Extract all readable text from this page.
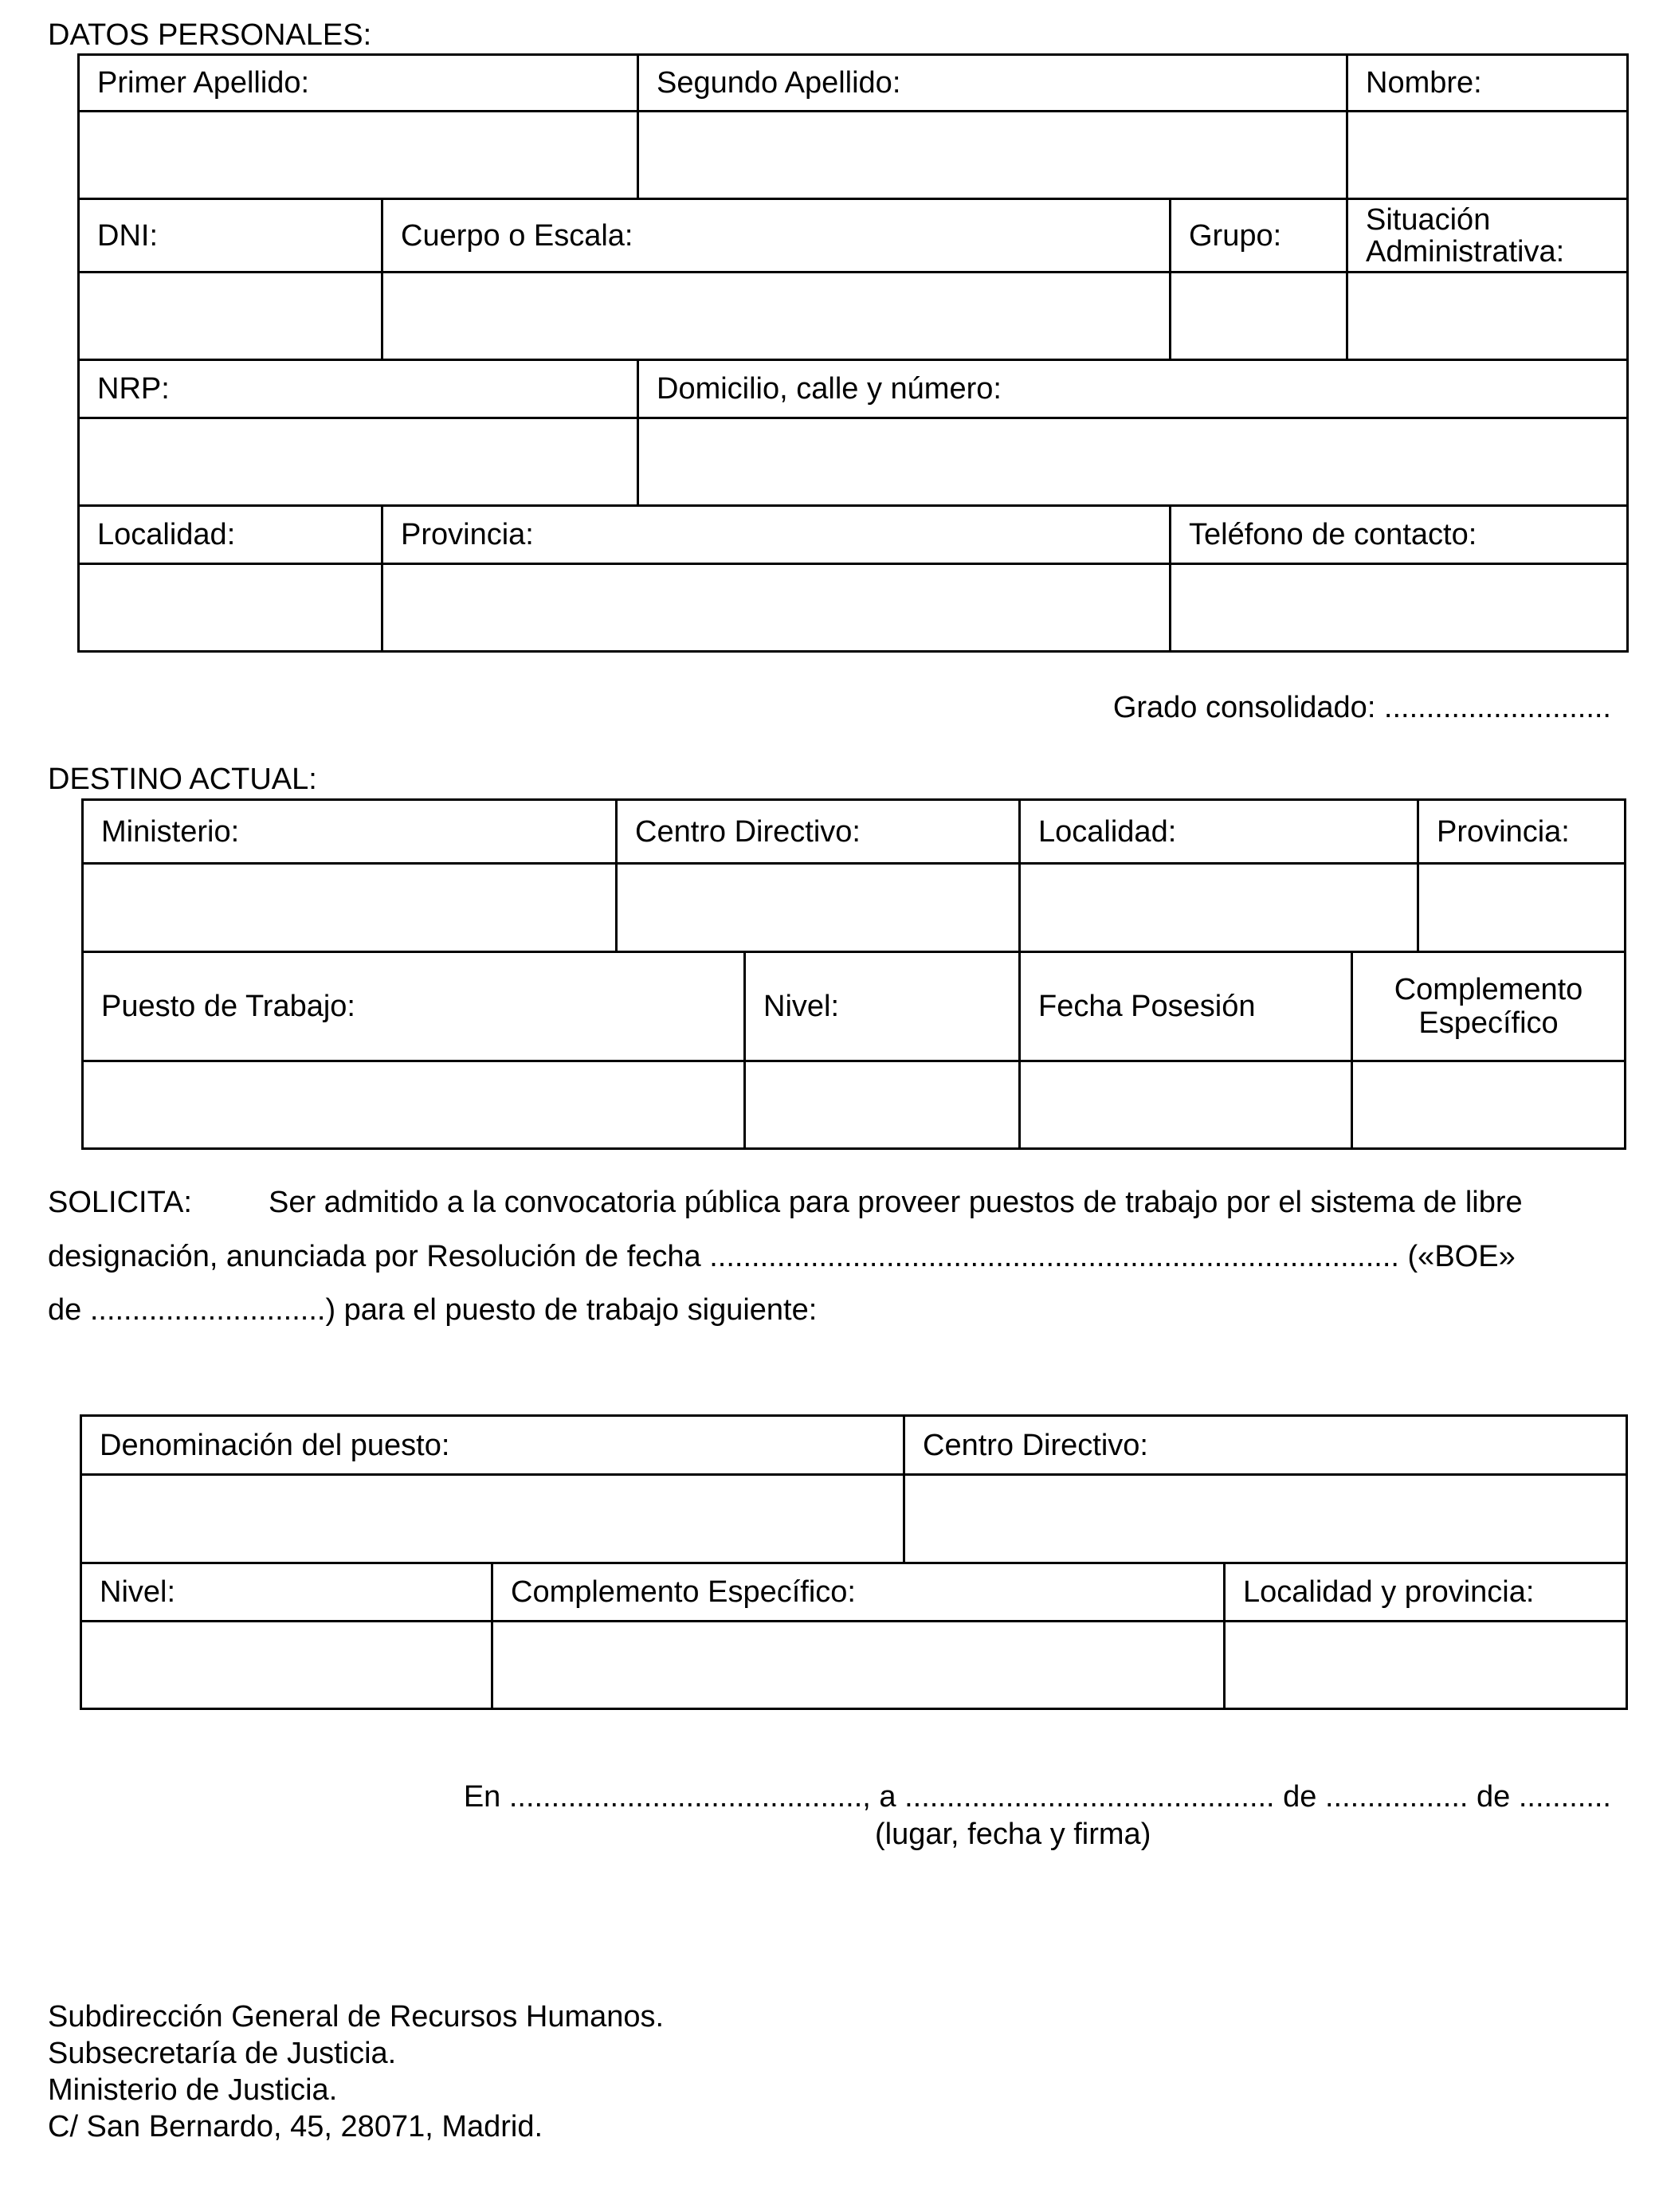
DATOS PERSONALES:
Primer Apellido:		Segundo Apellido:		Nombre:

DNI:	Cuerpo o Escala:		Grupo:	Situación
Administrativa:

NRP:		Domicilio, calle y número:		

Localidad:	Provincia:		Teléfono de contacto:	

Grado consolidado: ...........................
DESTINO ACTUAL:
Ministerio:	Centro Directivo:		Localidad:		Provincia:

Puesto de Trabajo:		Nivel:	Fecha Posesión	Complemento
Específico	

SOLICITA:	Ser admitido a la convocatoria pública para proveer puestos de trabajo por el sistema de libre
designación, anunciada por Resolución de fecha .................................................................................. («BOE»
de ............................) para el puesto de trabajo siguiente:
Denominación del puesto:		Centro Directivo:	

Nivel:	Complemento Específico:		Localidad y provincia:

En .........................................., a ............................................ de ................. de ...........
(lugar, fecha y firma)
Subdirección General de Recursos Humanos.
Subsecretaría de Justicia.
Ministerio de Justicia.
C/ San Bernardo, 45, 28071, Madrid.
